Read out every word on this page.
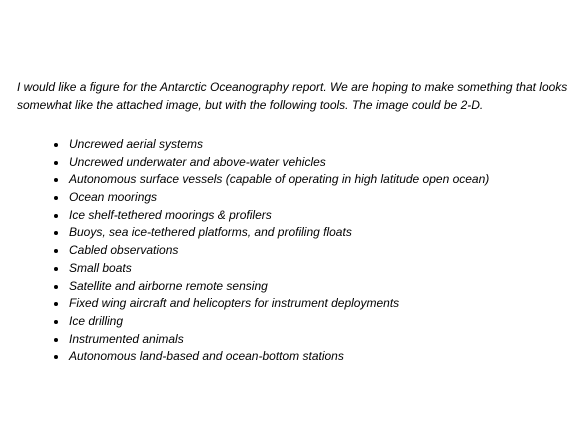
I would like a figure for the Antarctic Oceanography report. We are hoping to make something that looks somewhat like the attached image, but with the following tools. The image could be 2-D.

Uncrewed aerial systems
Uncrewed underwater and above-water vehicles
Autonomous surface vessels (capable of operating in high latitude open ocean)
Ocean moorings
Ice shelf-tethered moorings & profilers
Buoys, sea ice-tethered platforms, and profiling floats
Cabled observations
Small boats
Satellite and airborne remote sensing
Fixed wing aircraft and helicopters for instrument deployments
Ice drilling
Instrumented animals
Autonomous land-based and ocean-bottom stations
